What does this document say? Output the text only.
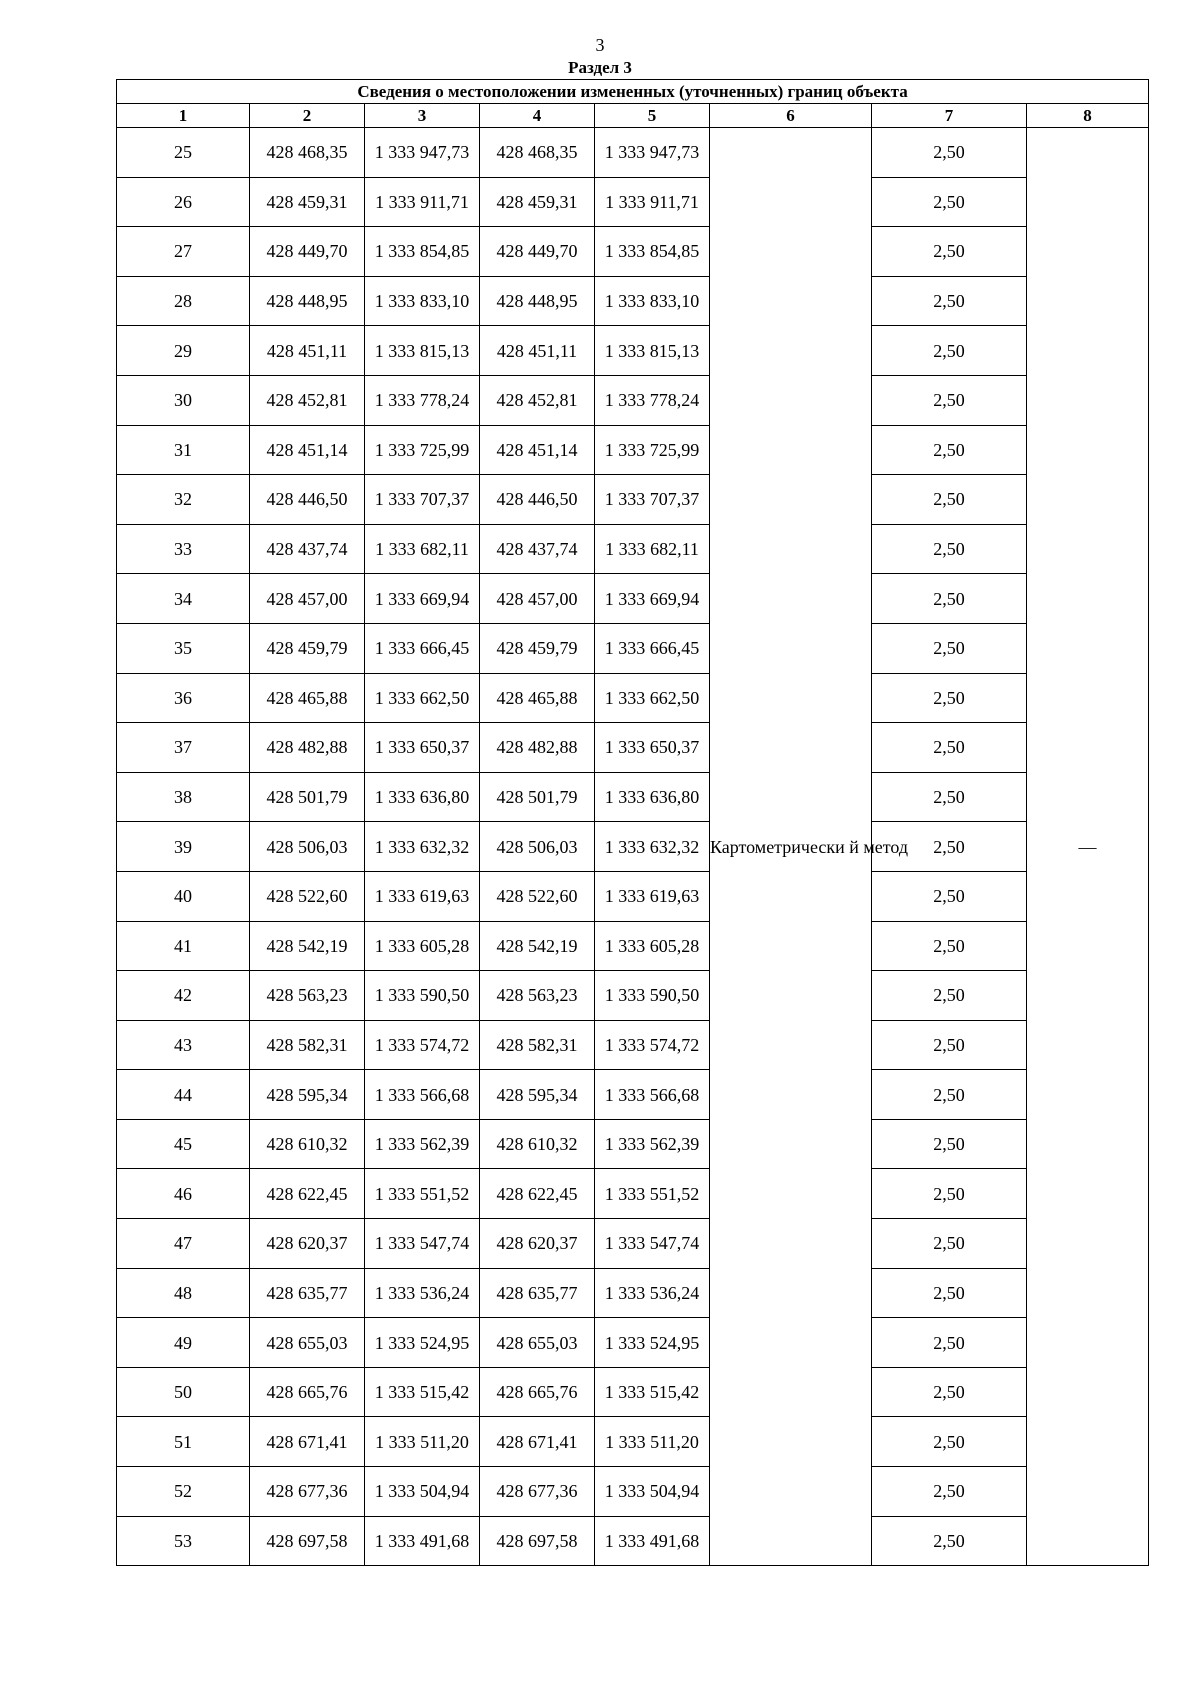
3
Раздел 3
Сведения о местоположении измененных (уточненных) границ объекта							
1	2	3	4	5	6	7	8
25	428 468,35	1 333 947,73	428 468,35	1 333 947,73	Картометрически й метод	2,50	—
26	428 459,31	1 333 911,71	428 459,31	1 333 911,71		2,50	
27	428 449,70	1 333 854,85	428 449,70	1 333 854,85		2,50	
28	428 448,95	1 333 833,10	428 448,95	1 333 833,10		2,50	
29	428 451,11	1 333 815,13	428 451,11	1 333 815,13		2,50	
30	428 452,81	1 333 778,24	428 452,81	1 333 778,24		2,50	
31	428 451,14	1 333 725,99	428 451,14	1 333 725,99		2,50	
32	428 446,50	1 333 707,37	428 446,50	1 333 707,37		2,50	
33	428 437,74	1 333 682,11	428 437,74	1 333 682,11		2,50	
34	428 457,00	1 333 669,94	428 457,00	1 333 669,94		2,50	
35	428 459,79	1 333 666,45	428 459,79	1 333 666,45		2,50	
36	428 465,88	1 333 662,50	428 465,88	1 333 662,50		2,50	
37	428 482,88	1 333 650,37	428 482,88	1 333 650,37		2,50	
38	428 501,79	1 333 636,80	428 501,79	1 333 636,80		2,50	
39	428 506,03	1 333 632,32	428 506,03	1 333 632,32		2,50	
40	428 522,60	1 333 619,63	428 522,60	1 333 619,63		2,50	
41	428 542,19	1 333 605,28	428 542,19	1 333 605,28		2,50	
42	428 563,23	1 333 590,50	428 563,23	1 333 590,50		2,50	
43	428 582,31	1 333 574,72	428 582,31	1 333 574,72		2,50	
44	428 595,34	1 333 566,68	428 595,34	1 333 566,68		2,50	
45	428 610,32	1 333 562,39	428 610,32	1 333 562,39		2,50	
46	428 622,45	1 333 551,52	428 622,45	1 333 551,52		2,50	
47	428 620,37	1 333 547,74	428 620,37	1 333 547,74		2,50	
48	428 635,77	1 333 536,24	428 635,77	1 333 536,24		2,50	
49	428 655,03	1 333 524,95	428 655,03	1 333 524,95		2,50	
50	428 665,76	1 333 515,42	428 665,76	1 333 515,42		2,50	
51	428 671,41	1 333 511,20	428 671,41	1 333 511,20		2,50	
52	428 677,36	1 333 504,94	428 677,36	1 333 504,94		2,50	
53	428 697,58	1 333 491,68	428 697,58	1 333 491,68		2,50	
